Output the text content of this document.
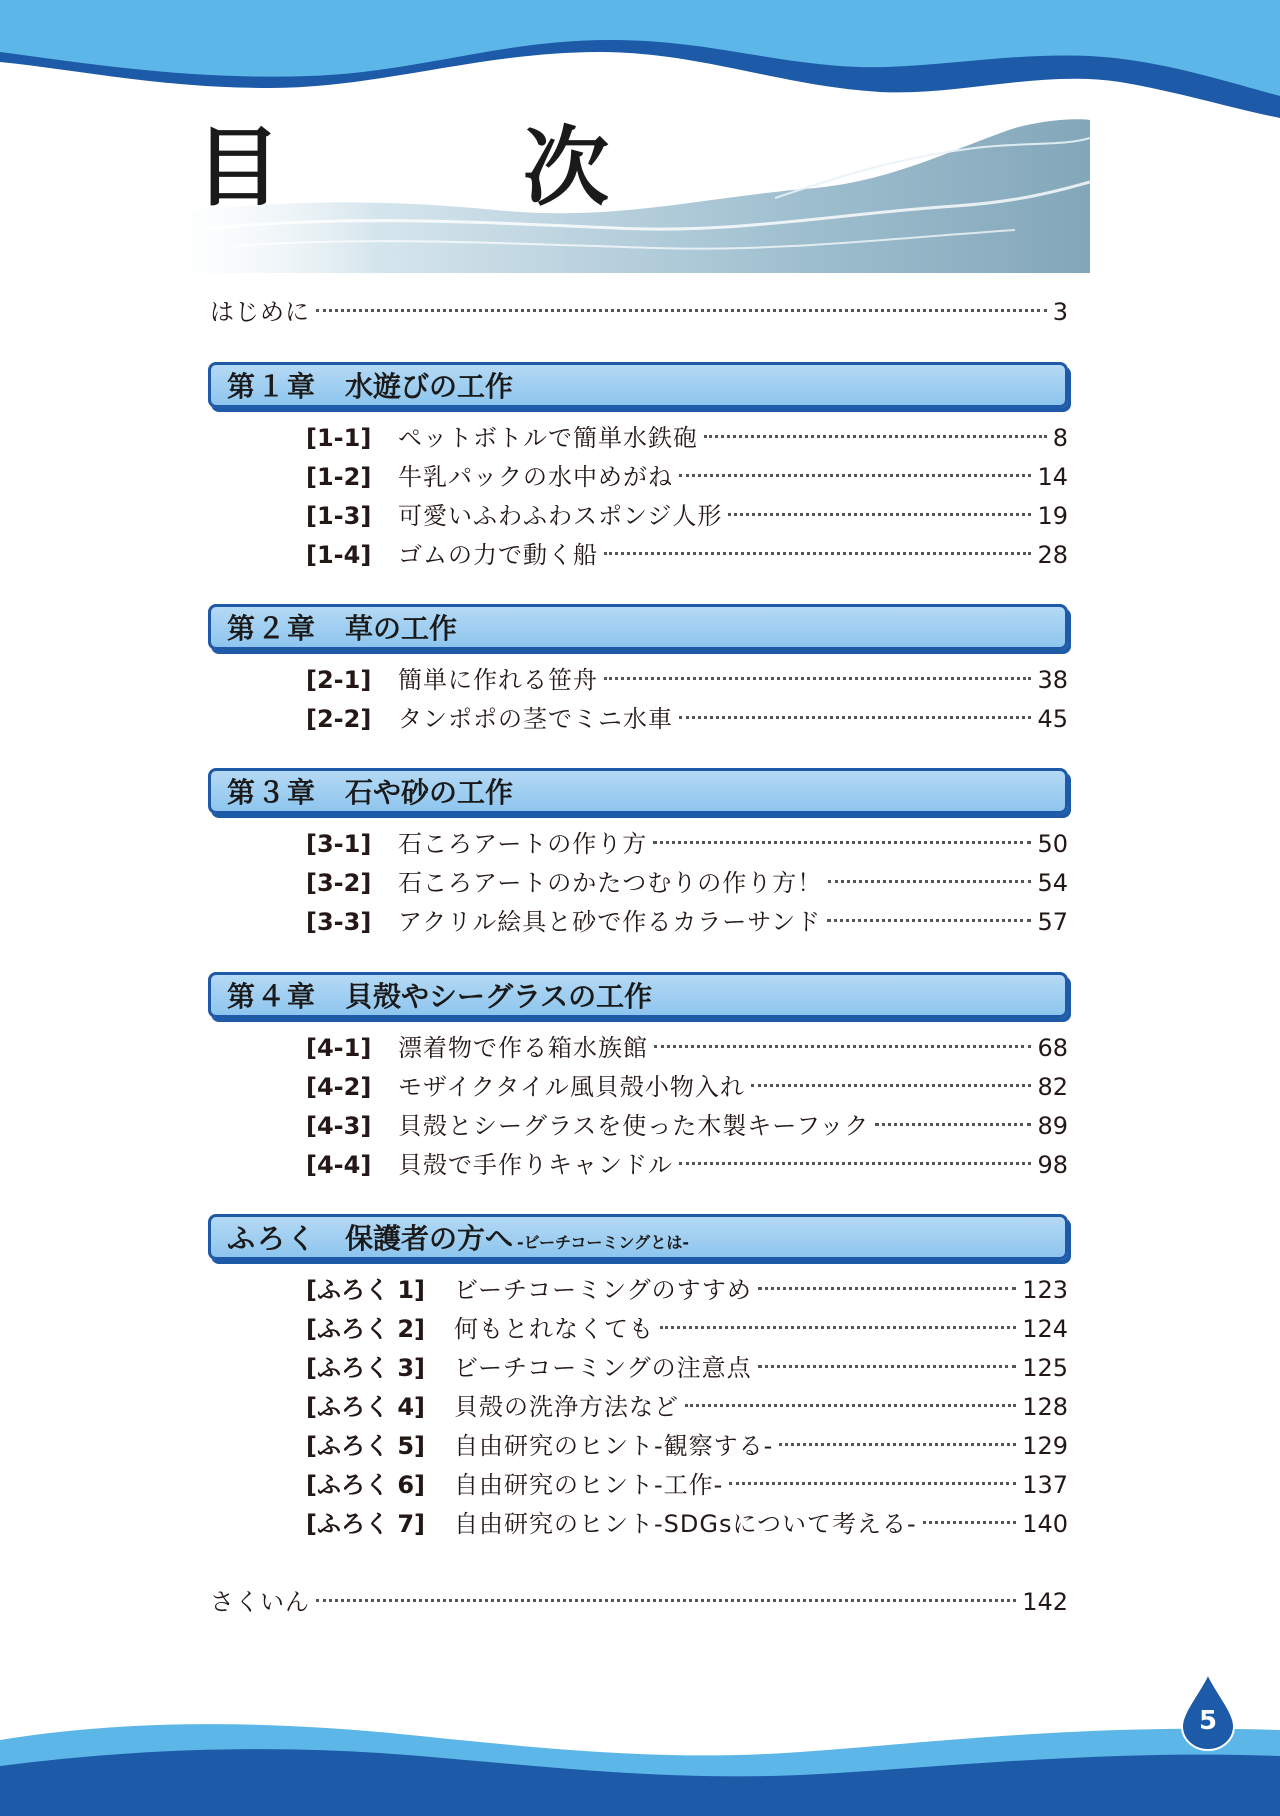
目　次
はじめに	3
第１章 水遊びの工作
[1-1]	ペットボトルで簡単水鉄砲	8
[1-2]	牛乳パックの水中めがね	14
[1-3]	可愛いふわふわスポンジ人形	19
[1-4]	ゴムの力で動く船	28
第２章 草の工作
[2-1]	簡単に作れる笹舟	38
[2-2]	タンポポの茎でミニ水車	45
第３章 石や砂の工作
[3-1]	石ころアートの作り方	50
[3-2]	石ころアートのかたつむりの作り方！	54
[3-3]	アクリル絵具と砂で作るカラーサンド	57
第４章 貝殻やシーグラスの工作
[4-1]	漂着物で作る箱水族館	68
[4-2]	モザイクタイル風貝殻小物入れ	82
[4-3]	貝殻とシーグラスを使った木製キーフック	89
[4-4]	貝殻で手作りキャンドル	98
ふろく 保護者の方へ -ビーチコーミングとは-
[ふろく 1]	ビーチコーミングのすすめ	123
[ふろく 2]	何もとれなくても	124
[ふろく 3]	ビーチコーミングの注意点	125
[ふろく 4]	貝殻の洗浄方法など	128
[ふろく 5]	自由研究のヒント-観察する-	129
[ふろく 6]	自由研究のヒント-工作-	137
[ふろく 7]	自由研究のヒント-SDGsについて考える-	140
さくいん	142
5
